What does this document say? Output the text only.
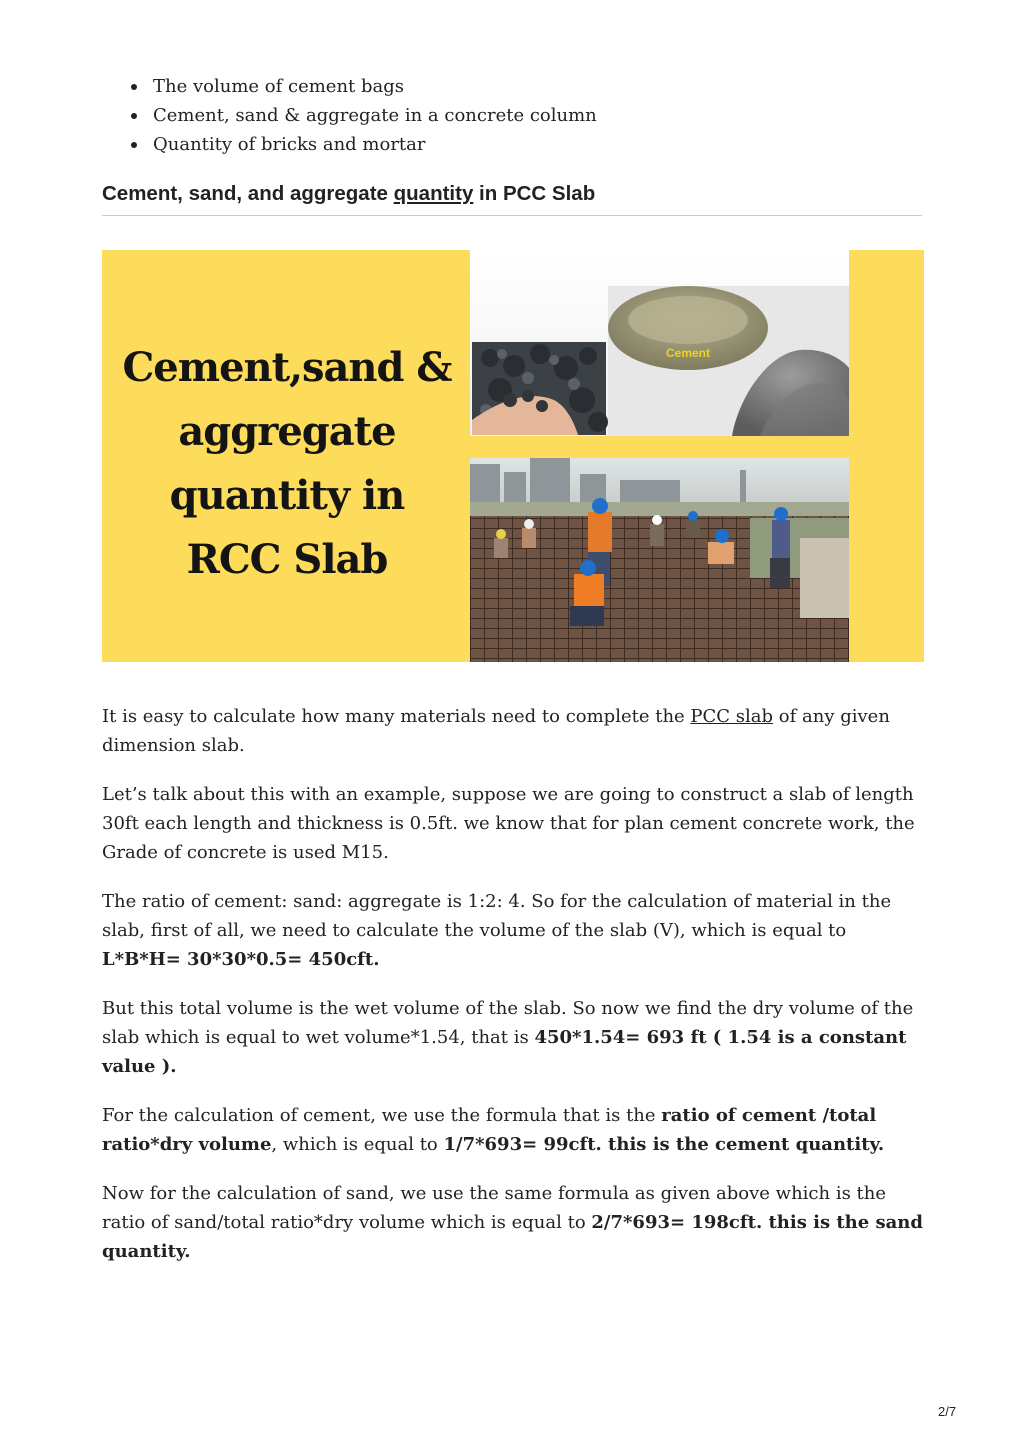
The volume of cement bags
Cement, sand & aggregate in a concrete column
Quantity of bricks and mortar
Cement, sand, and aggregate quantity in PCC Slab
Cement,sand &
aggregate
quantity in
RCC Slab
Cement

It is easy to calculate how many materials need to complete the PCC slab of any given dimension slab.

Let’s talk about this with an example, suppose we are going to construct a slab of length 30ft each length and thickness is 0.5ft. we know that for plan cement concrete work, the Grade of concrete is used M15.

The ratio of cement: sand: aggregate is 1:2: 4. So for the calculation of material in the slab, first of all, we need to calculate the volume of the slab (V), which is equal to L*B*H= 30*30*0.5= 450cft.

But this total volume is the wet volume of the slab. So now we find the dry volume of the slab which is equal to wet volume*1.54, that is 450*1.54= 693 ft ( 1.54 is a constant value ).

For the calculation of cement, we use the formula that is the ratio of cement /total ratio*dry volume, which is equal to 1/7*693= 99cft. this is the cement quantity.

Now for the calculation of sand, we use the same formula as given above which is the ratio of sand/total ratio*dry volume which is equal to 2/7*693= 198cft. this is the sand quantity.

2/7
